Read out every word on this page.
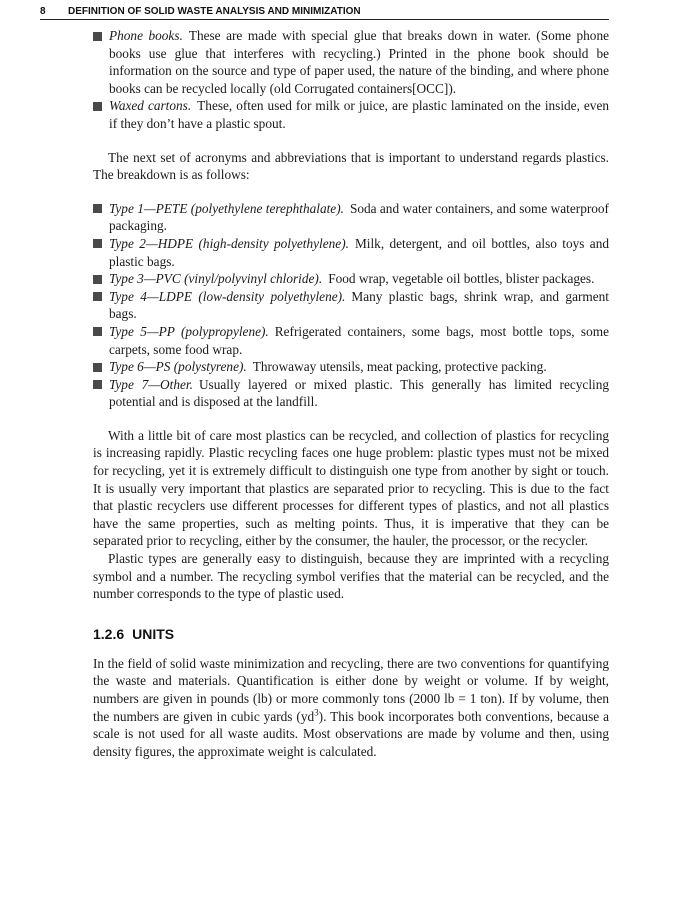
8 DEFINITION OF SOLID WASTE ANALYSIS AND MINIMIZATION
Phone books. These are made with special glue that breaks down in water. (Some phone books use glue that interferes with recycling.) Printed in the phone book should be information on the source and type of paper used, the nature of the binding, and where phone books can be recycled locally (old Corrugated containers[OCC]).
Waxed cartons. These, often used for milk or juice, are plastic laminated on the inside, even if they don’t have a plastic spout.

The next set of acronyms and abbreviations that is important to understand regards plastics. The breakdown is as follows:

Type 1—PETE (polyethylene terephthalate). Soda and water containers, and some waterproof packaging.
Type 2—HDPE (high-density polyethylene). Milk, detergent, and oil bottles, also toys and plastic bags.
Type 3—PVC (vinyl/polyvinyl chloride). Food wrap, vegetable oil bottles, blister packages.
Type 4—LDPE (low-density polyethylene). Many plastic bags, shrink wrap, and garment bags.
Type 5—PP (polypropylene). Refrigerated containers, some bags, most bottle tops, some carpets, some food wrap.
Type 6—PS (polystyrene). Throwaway utensils, meat packing, protective packing.
Type 7—Other. Usually layered or mixed plastic. This generally has limited recycling potential and is disposed at the landfill.

With a little bit of care most plastics can be recycled, and collection of plastics for recycling is increasing rapidly. Plastic recycling faces one huge problem: plastic types must not be mixed for recycling, yet it is extremely difficult to distinguish one type from another by sight or touch. It is usually very important that plastics are separated prior to recycling. This is due to the fact that plastic recyclers use different processes for different types of plastics, and not all plastics have the same properties, such as melting points. Thus, it is imperative that they can be separated prior to recycling, either by the consumer, the hauler, the processor, or the recycler.

Plastic types are generally easy to distinguish, because they are imprinted with a recycling symbol and a number. The recycling symbol verifies that the material can be recycled, and the number corresponds to the type of plastic used.

1.2.6 UNITS

In the field of solid waste minimization and recycling, there are two conventions for quantifying the waste and materials. Quantification is either done by weight or volume. If by weight, numbers are given in pounds (lb) or more commonly tons (2000 lb = 1 ton). If by volume, then the numbers are given in cubic yards $(yd^3)$. This book incorporates both conventions, because a scale is not used for all waste audits. Most observations are made by volume and then, using density figures, the approximate weight is calculated.
